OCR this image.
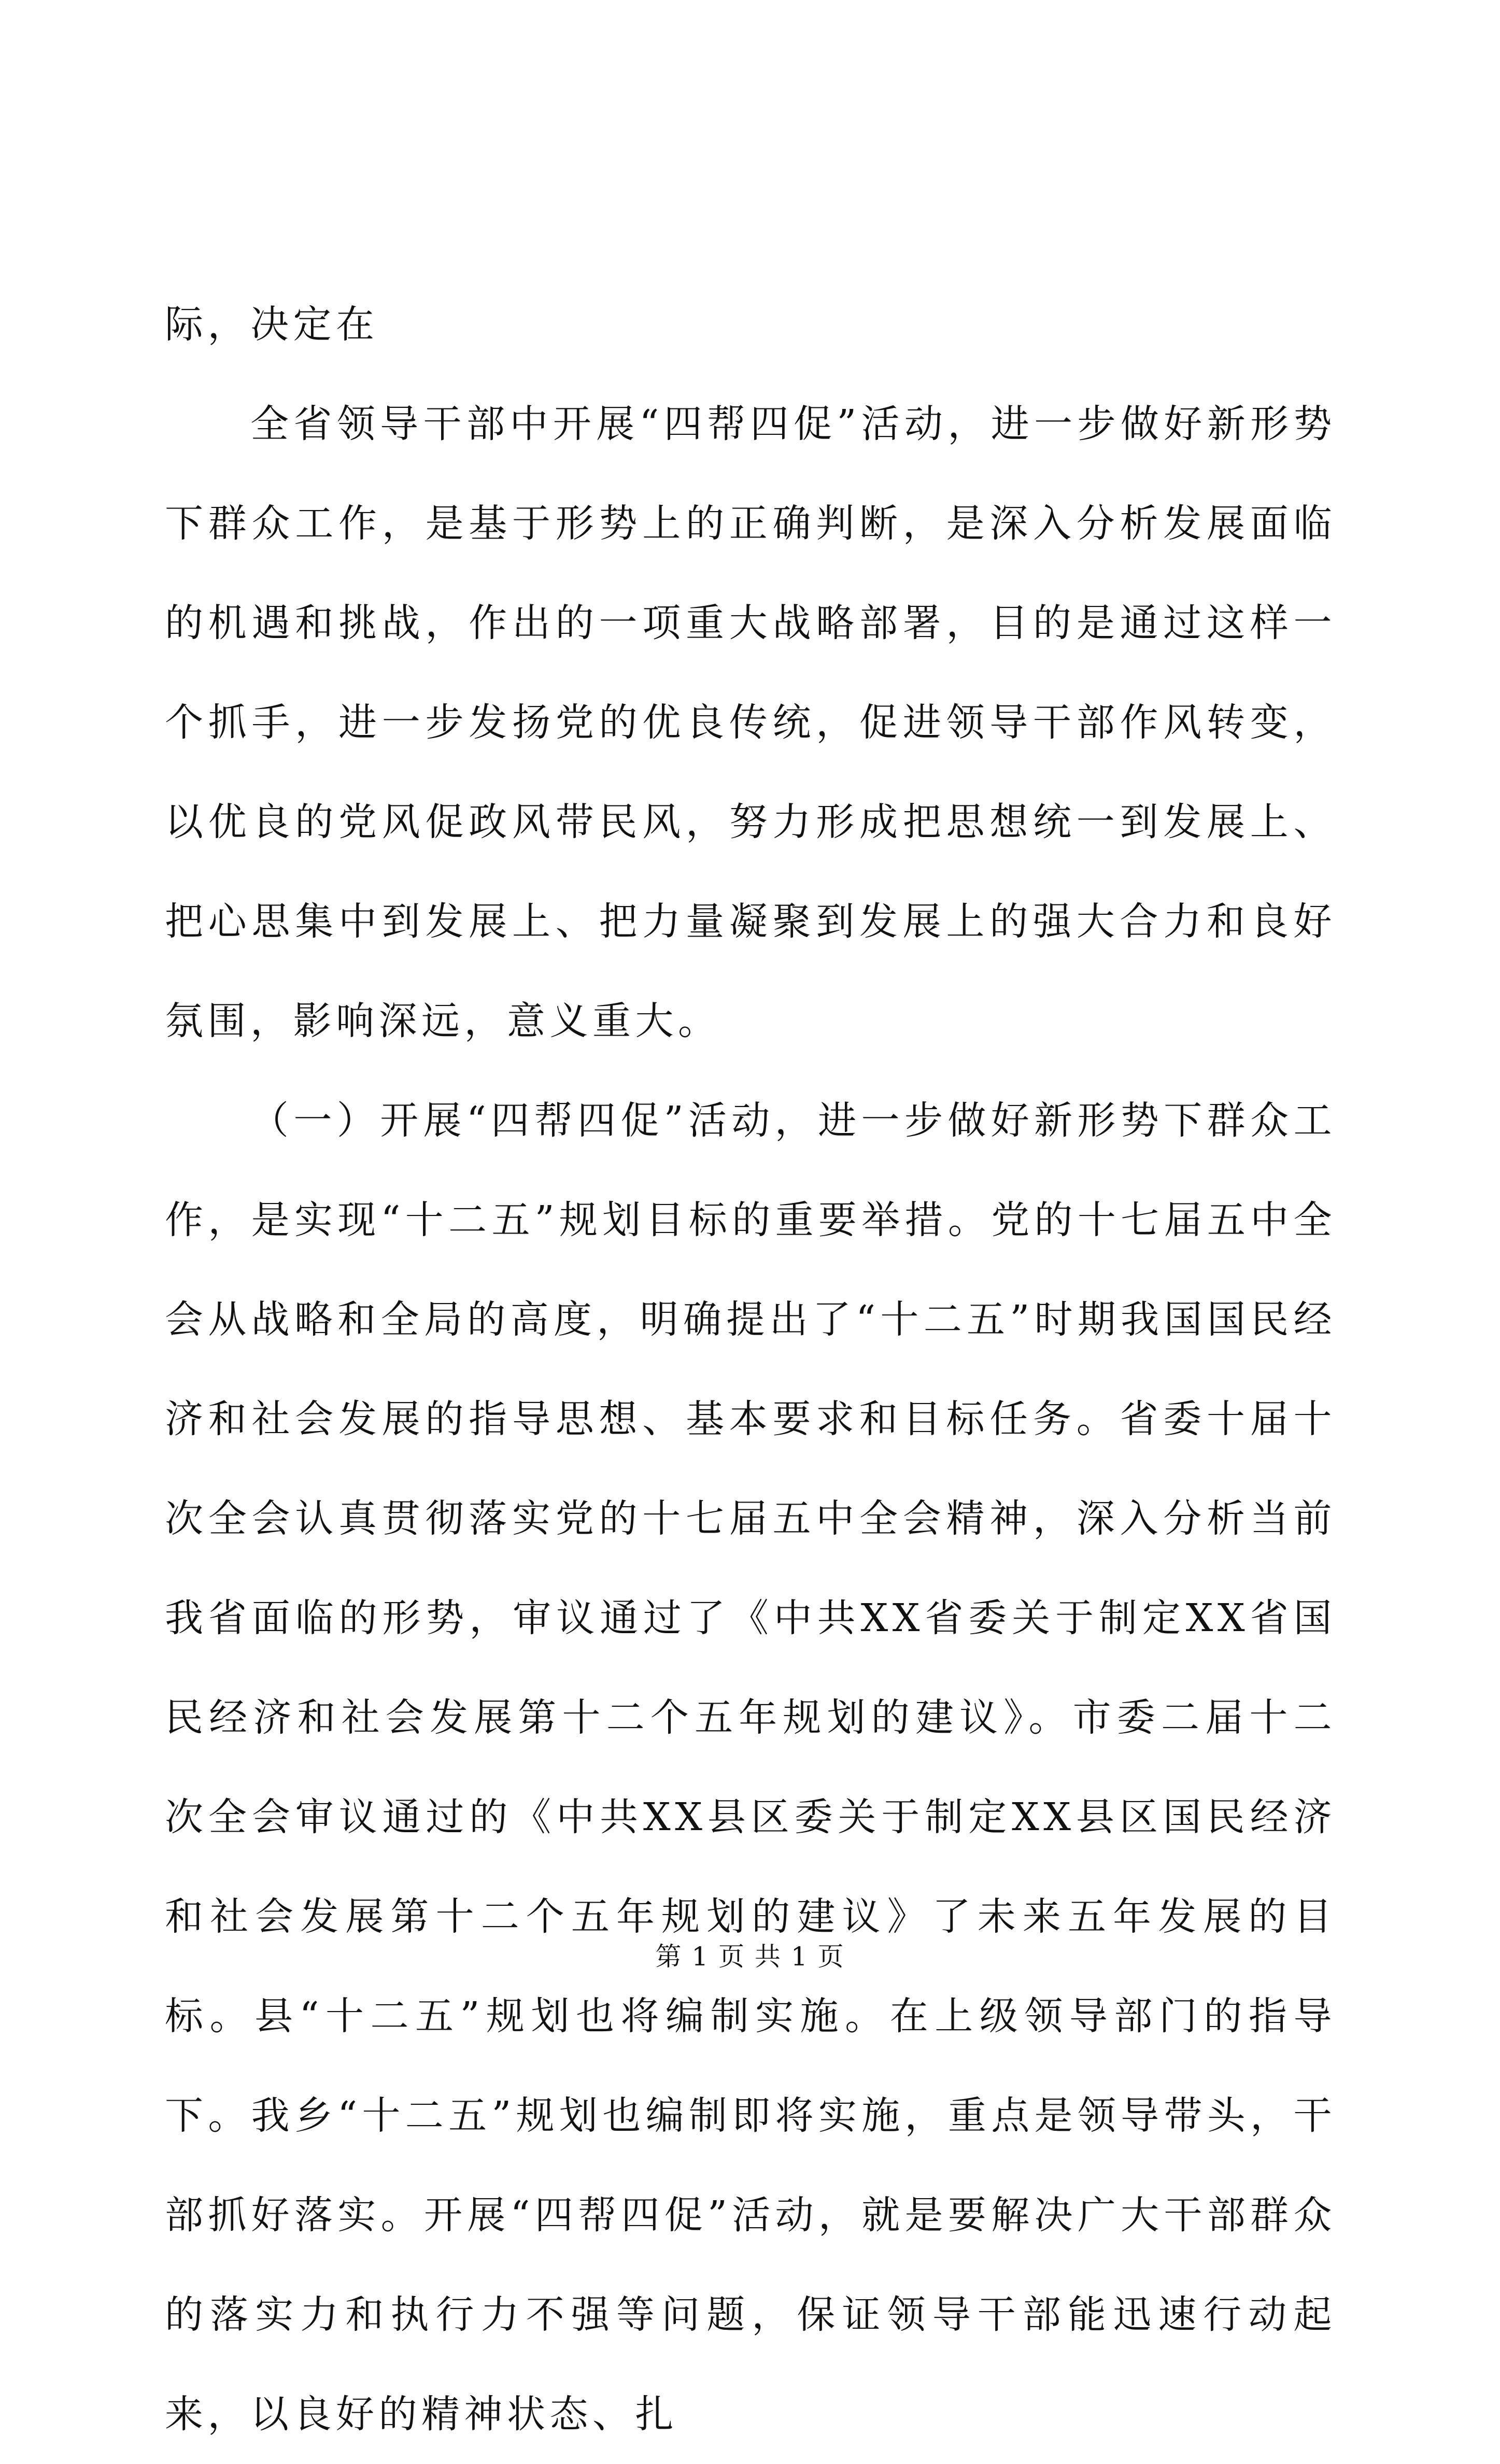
际，决定在

全省领导干部中开展“四帮四促”活动，进一步做好新形势下群众工作，是基于形势上的正确判断，是深入分析发展面临的机遇和挑战，作出的一项重大战略部署，目的是通过这样一个抓手，进一步发扬党的优良传统，促进领导干部作风转变，以优良的党风促政风带民风，努力形成把思想统一到发展上、把心思集中到发展上、把力量凝聚到发展上的强大合力和良好氛围，影响深远，意义重大。

（一）开展“四帮四促”活动，进一步做好新形势下群众工作，是实现“十二五”规划目标的重要举措。党的十七届五中全会从战略和全局的高度，明确提出了“十二五”时期我国国民经济和社会发展的指导思想、基本要求和目标任务。省委十届十次全会认真贯彻落实党的十七届五中全会精神，深入分析当前我省面临的形势，审议通过了《中共XX省委关于制定XX省国民经济和社会发展第十二个五年规划的建议》。市委二届十二次全会审议通过的《中共XX县区委关于制定XX县区国民经济和社会发展第十二个五年规划的建议》了未来五年发展的目标。县“十二五”规划也将编制实施。在上级领导部门的指导下。我乡“十二五”规划也编制即将实施，重点是领导带头，干部抓好落实。开展“四帮四促”活动，就是要解决广大干部群众的落实力和执行力不强等问题，保证领导干部能迅速行动起来，以良好的精神状态、扎

第 1 页 共 1 页
